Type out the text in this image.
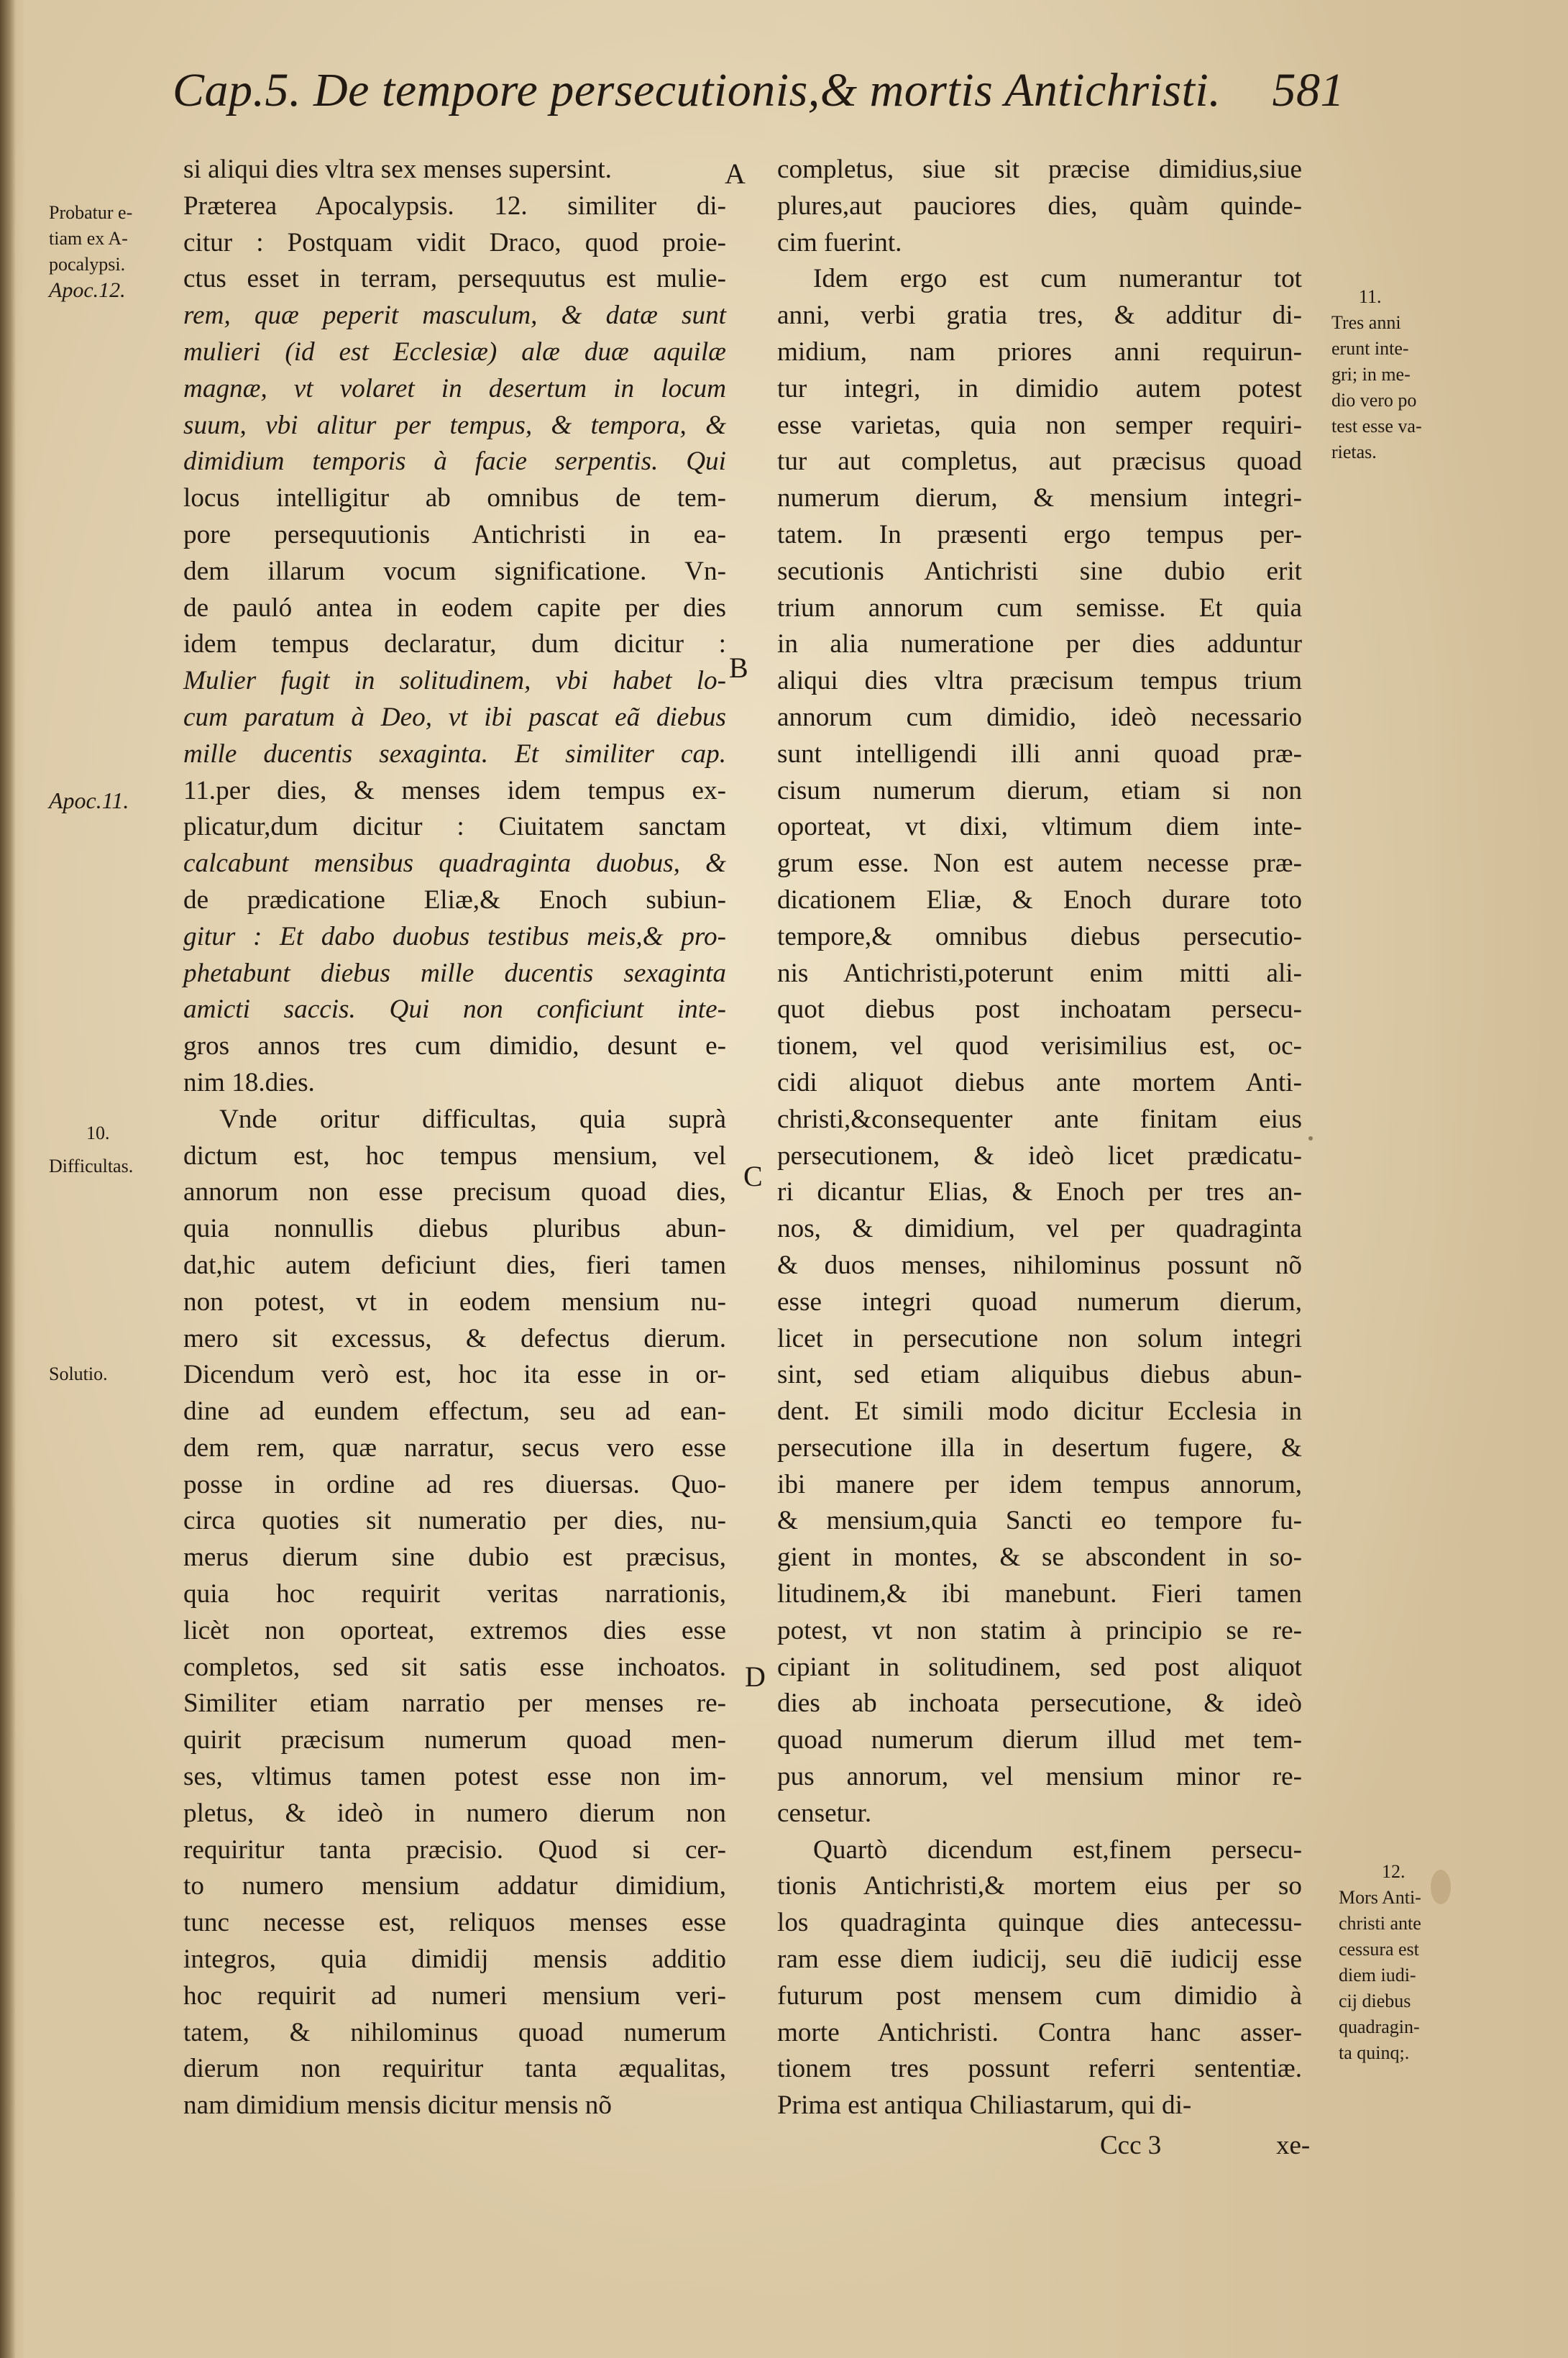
Cap.5. De tempore persecutionis,& mortis Antichristi. 581
Probatur e-
tiam ex A-
pocalypsi.
Apoc.12.
Apoc.11.
10.
Difficultas.
Solutio.
A
B
C
D
11.
Tres anni
erunt inte-
gri; in me-
dio vero po
test esse va-
rietas.
12.
Mors Anti-
christi ante
cessura est
diem iudi-
cij diebus
quadragin-
ta quinq;.
si aliqui dies vltra sex menses supersint.
Præterea Apocalypsis. 12. similiter di-
citur : Postquam vidit Draco, quod proie-
ctus esset in terram, persequutus est mulie-
rem, quæ peperit masculum, & datæ sunt
mulieri (id est Ecclesiæ) alæ duæ aquilæ
magnæ, vt volaret in desertum in locum
suum, vbi alitur per tempus, & tempora, &
dimidium temporis à facie serpentis. Qui
locus intelligitur ab omnibus de tem-
pore persequutionis Antichristi in ea-
dem illarum vocum significatione. Vn-
de pauló antea in eodem capite per dies
idem tempus declaratur, dum dicitur :
Mulier fugit in solitudinem, vbi habet lo-
cum paratum à Deo, vt ibi pascat eã diebus
mille ducentis sexaginta. Et similiter cap.
11.per dies, & menses idem tempus ex-
plicatur,dum dicitur : Ciuitatem sanctam
calcabunt mensibus quadraginta duobus, &
de prædicatione Eliæ,& Enoch subiun-
gitur : Et dabo duobus testibus meis,& pro-
phetabunt diebus mille ducentis sexaginta
amicti saccis. Qui non conficiunt inte-
gros annos tres cum dimidio, desunt e-
nim 18.dies.
Vnde oritur difficultas, quia suprà
dictum est, hoc tempus mensium, vel
annorum non esse precisum quoad dies,
quia nonnullis diebus pluribus abun-
dat,hic autem deficiunt dies, fieri tamen
non potest, vt in eodem mensium nu-
mero sit excessus, & defectus dierum.
Dicendum verò est, hoc ita esse in or-
dine ad eundem effectum, seu ad ean-
dem rem, quæ narratur, secus vero esse
posse in ordine ad res diuersas. Quo-
circa quoties sit numeratio per dies, nu-
merus dierum sine dubio est præcisus,
quia hoc requirit veritas narrationis,
licèt non oporteat, extremos dies esse
completos, sed sit satis esse inchoatos.
Similiter etiam narratio per menses re-
quirit præcisum numerum quoad men-
ses, vltimus tamen potest esse non im-
pletus, & ideò in numero dierum non
requiritur tanta præcisio. Quod si cer-
to numero mensium addatur dimidium,
tunc necesse est, reliquos menses esse
integros, quia dimidij mensis additio
hoc requirit ad numeri mensium veri-
tatem, & nihilominus quoad numerum
dierum non requiritur tanta æqualitas,
nam dimidium mensis dicitur mensis nõ
completus, siue sit præcise dimidius,siue
plures,aut pauciores dies, quàm quinde-
cim fuerint.
Idem ergo est cum numerantur tot
anni, verbi gratia tres, & additur di-
midium, nam priores anni requirun-
tur integri, in dimidio autem potest
esse varietas, quia non semper requiri-
tur aut completus, aut præcisus quoad
numerum dierum, & mensium integri-
tatem. In præsenti ergo tempus per-
secutionis Antichristi sine dubio erit
trium annorum cum semisse. Et quia
in alia numeratione per dies adduntur
aliqui dies vltra præcisum tempus trium
annorum cum dimidio, ideò necessario
sunt intelligendi illi anni quoad præ-
cisum numerum dierum, etiam si non
oporteat, vt dixi, vltimum diem inte-
grum esse. Non est autem necesse præ-
dicationem Eliæ, & Enoch durare toto
tempore,& omnibus diebus persecutio-
nis Antichristi,poterunt enim mitti ali-
quot diebus post inchoatam persecu-
tionem, vel quod verisimilius est, oc-
cidi aliquot diebus ante mortem Anti-
christi,&consequenter ante finitam eius
persecutionem, & ideò licet prædicatu-
ri dicantur Elias, & Enoch per tres an-
nos, & dimidium, vel per quadraginta
& duos menses, nihilominus possunt nõ
esse integri quoad numerum dierum,
licet in persecutione non solum integri
sint, sed etiam aliquibus diebus abun-
dent. Et simili modo dicitur Ecclesia in
persecutione illa in desertum fugere, &
ibi manere per idem tempus annorum,
& mensium,quia Sancti eo tempore fu-
gient in montes, & se abscondent in so-
litudinem,& ibi manebunt. Fieri tamen
potest, vt non statim à principio se re-
cipiant in solitudinem, sed post aliquot
dies ab inchoata persecutione, & ideò
quoad numerum dierum illud met tem-
pus annorum, vel mensium minor re-
censetur.
Quartò dicendum est,finem persecu-
tionis Antichristi,& mortem eius per so
los quadraginta quinque dies antecessu-
ram esse diem iudicij, seu diē iudicij esse
futurum post mensem cum dimidio à
morte Antichristi. Contra hanc asser-
tionem tres possunt referri sententiæ.
Prima est antiqua Chiliastarum, qui di-
Ccc 3	xe-
